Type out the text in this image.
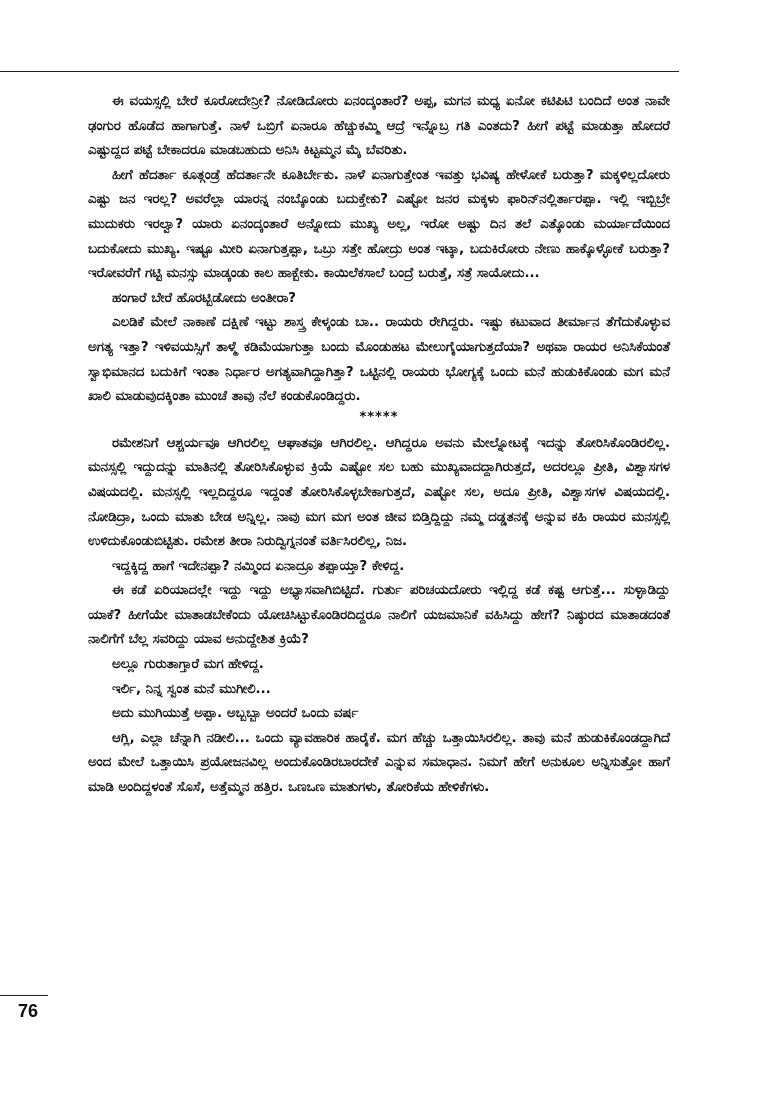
ಈ ವಯಸ್ಸಲ್ಲಿ ಬೇರೆ ಕೂರೋದೇನ್ರೀ? ನೋಡಿದೋರು ಏನಂದ್ಕಂತಾರೆ? ಅಪ್ಪ, ಮಗನ ಮಧ್ಯ ಏನೋ ಕಟಿಪಿಟಿ ಬಂದಿದೆ ಅಂತ ನಾವೇ ಢಂಗುರ ಹೊಡೆದ ಹಾಗಾಗುತ್ತೆ. ನಾಳೆ ಒಬ್ರಿಗೆ ಏನಾರೂ ಹೆಚ್ಚುಕಮ್ಮಿ ಆದ್ರೆ ಇನ್ನೊಬ್ರ ಗತಿ ಎಂತದು? ಹೀಗೆ ಪಟ್ಟೆ ಮಾಡುತ್ತಾ ಹೋದರೆ ಎಷ್ಟುದ್ದದ ಪಟ್ಟೆ ಬೇಕಾದರೂ ಮಾಡಬಹುದು ಅನಿಸಿ ಕಿಟ್ಟಮ್ಮನ ಮೈ ಬೆವರಿತು.

ಹೀಗೆ ಹೆದರ್ತಾ ಕೂತ್ಗಂಡ್ರೆ ಹೆದರ್ತಾನೇ ಕೂತಿರ್ಬೇಕು. ನಾಳೆ ಏನಾಗುತ್ತೇಂತ ಇವತ್ತು ಭವಿಷ್ಯ ಹೇಳೋಕೆ ಬರುತ್ತಾ? ಮಕ್ಕಳಿಲ್ಲದೋರು ಎಷ್ಟು ಜನ ಇರಲ್ಲ? ಅವರೆಲ್ಲಾ ಯಾರನ್ನ ನಂಬ್ಕೊಂಡು ಬದುಕ್ತೇಕು? ಎಷ್ಟೋ ಜನರ ಮಕ್ಕಳು ಫಾರಿನ್‌ನಲ್ಲಿರ್ತಾರಪ್ಪಾ. ಇಲ್ಲಿ ಇಬ್ಬಿಬ್ರೇ ಮುದುಕರು ಇರಲ್ವಾ? ಯಾರು ಏನಂದ್ಕಂತಾರೆ ಅನ್ನೋದು ಮುಖ್ಯ ಅಲ್ಲ, ಇರೋ ಅಷ್ಟು ದಿನ ತಲೆ ಎತ್ಕೊಂಡು ಮರ್ಯಾದೆಯಿಂದ ಬದುಕೋದು ಮುಖ್ಯ. ಇಷ್ಟೂ ಮೀರಿ ಏನಾಗುತ್ತಪ್ಪಾ, ಒಬ್ರು ಸತ್ತೇ ಹೋದ್ರು ಅಂತ ಇಟ್ಕಾ, ಬದುಕಿರೋರು ನೇಣು ಹಾಕ್ಕೊಳ್ಳೋಕೆ ಬರುತ್ತಾ? ಇರೋವರೆಗೆ ಗಟ್ಟಿ ಮನಸ್ಸು ಮಾಡ್ಕಂಡು ಕಾಲ ಹಾಕ್ಬೇಕು. ಕಾಯಿಲೆಕಸಾಲೆ ಬಂದ್ರೆ ಬರುತ್ತೆ, ಸತ್ರೆ ಸಾಯೋದು...

ಹಂಗಾರೆ ಬೇರೆ ಹೊರಟ್ಬಿಡೋದು ಅಂತೀರಾ?

ಎಲಡಿಕೆ ಮೇಲೆ ನಾಕಾಣೆ ದಕ್ಷಿಣೆ ಇಟ್ಟು ಶಾಸ್ತ್ರ ಕೇಳ್ಕಂಡು ಬಾ.. ರಾಯರು ರೇಗಿದ್ದರು. ಇಷ್ಟು ಕಟುವಾದ ತೀರ್ಮಾನ ತೆಗೆದುಕೊಳ್ಳುವ ಅಗತ್ಯ ಇತ್ತಾ? ಇಳಿವಯಸ್ಸಿಗೆ ತಾಳ್ಮೆ ಕಡಿಮೆಯಾಗುತ್ತಾ ಬಂದು ಮೊಂಡುಹಟ ಮೇಲುಗೈಯಾಗುತ್ತದೆಯಾ? ಅಥವಾ ರಾಯರ ಅನಿಸಿಕೆಯಂತೆ ಸ್ವಾಭಿಮಾನದ ಬದುಕಿಗೆ ಇಂತಾ ನಿರ್ಧಾರ ಅಗತ್ಯವಾಗಿದ್ದಾಗಿತ್ತಾ? ಒಟ್ಟಿನಲ್ಲಿ ರಾಯರು ಭೋಗ್ಯಕ್ಕೆ ಒಂದು ಮನೆ ಹುಡುಕಿಕೊಂಡು ಮಗ ಮನೆ ಖಾಲಿ ಮಾಡುವುದಕ್ಕಿಂತಾ ಮುಂಚೆ ತಾವು ನೆಲೆ ಕಂಡುಕೊಂಡಿದ್ದರು.

*****

ರಮೇಶನಿಗೆ ಆಶ್ಚರ್ಯವೂ ಆಗಿರಲಿಲ್ಲ ಆಘಾತವೂ ಆಗಿರಲಿಲ್ಲ. ಆಗಿದ್ದರೂ ಅವನು ಮೇಲ್ನೋಟಕ್ಕೆ ಇದನ್ನು ತೋರಿಸಿಕೊಂಡಿರಲಿಲ್ಲ. ಮನಸ್ಸಲ್ಲಿ ಇದ್ದುದನ್ನು ಮಾತಿನಲ್ಲಿ ತೋರಿಸಿಕೊಳ್ಳುವ ಕ್ರಿಯೆ ಎಷ್ಟೋ ಸಲ ಬಹು ಮುಖ್ಯವಾದದ್ದಾಗಿರುತ್ತದೆ, ಅದರಲ್ಲೂ ಪ್ರೀತಿ, ವಿಶ್ವಾಸಗಳ ವಿಷಯದಲ್ಲಿ. ಮನಸ್ಸಲ್ಲಿ ಇಲ್ಲದಿದ್ದರೂ ಇದ್ದಂತೆ ತೋರಿಸಿಕೊಳ್ಳಬೇಕಾಗುತ್ತದೆ, ಎಷ್ಟೋ ಸಲ, ಅದೂ ಪ್ರೀತಿ, ವಿಶ್ವಾಸಗಳ ವಿಷಯದಲ್ಲಿ. ನೋಡಿದ್ರಾ, ಒಂದು ಮಾತು ಬೇಡ ಅನ್ನಿಲ್ಲ. ನಾವು ಮಗ ಮಗ ಅಂತ ಜೀವ ಬಿಡ್ತಿದ್ದಿದ್ದು ನಮ್ಮ ದಡ್ಡತನಕ್ಕೆ ಅನ್ನುವ ಕಹಿ ರಾಯರ ಮನಸ್ಸಲ್ಲಿ ಉಳಿದುಕೊಂಡುಬಿಟ್ಟಿತು. ರಮೇಶ ತೀರಾ ನಿರುದ್ವಿಗ್ನನಂತೆ ವರ್ತಿಸಿರಲಿಲ್ಲ, ನಿಜ.

ಇದ್ದಕ್ಕಿದ್ದ ಹಾಗೆ ಇದೇನಪ್ಪಾ? ನಮ್ಮಿಂದ ಏನಾದ್ರೂ ತಪ್ಪಾಯ್ತಾ? ಕೇಳಿದ್ದ.

ಈ ಕಡೆ ಏರಿಯಾದಲ್ಲೇ ಇದ್ದು ಇದ್ದು ಅಭ್ಯಾಸವಾಗಿಬಿಟ್ಟಿದೆ. ಗುರ್ತು ಪರಿಚಯದೋರು ಇಲ್ಲಿದ್ದ ಕಡೆ ಕಷ್ಟ ಆಗುತ್ತೆ... ಸುಳ್ಳಾಡಿದ್ದು ಯಾಕೆ? ಹೀಗೆಯೇ ಮಾತಾಡಬೇಕೆಂದು ಯೋಚಿಸಿಟ್ಟುಕೊಂಡಿರದಿದ್ದರೂ ನಾಲಿಗೆ ಯಜಮಾನಿಕೆ ವಹಿಸಿದ್ದು ಹೇಗೆ? ನಿಷ್ಠುರದ ಮಾತಾಡದಂತೆ ನಾಲಿಗೆಗೆ ಬೆಲ್ಲ ಸವರಿದ್ದು ಯಾವ ಅನುದ್ದೇಶಿತ ಕ್ರಿಯೆ?

ಅಲ್ಲೂ ಗುರುತಾಗ್ತಾರೆ ಮಗ ಹೇಳಿದ್ದ.

ಇರ್ಲಿ, ನಿನ್ನ ಸ್ವಂತ ಮನೆ ಮುಗೀಲಿ...

ಅದು ಮುಗಿಯುತ್ತೆ ಅಪ್ಪಾ. ಅಬ್ಬಬ್ಬಾ ಅಂದರೆ ಒಂದು ವರ್ಷ

ಆಗ್ಲಿ, ಎಲ್ಲಾ ಚೆನ್ನಾಗಿ ನಡೀಲಿ... ಒಂದು ವ್ಯಾವಹಾರಿಕ ಹಾರೈಕೆ. ಮಗ ಹೆಚ್ಚು ಒತ್ತಾಯಿಸಿರಲಿಲ್ಲ. ತಾವು ಮನೆ ಹುಡುಕಿಕೊಂಡದ್ದಾಗಿದೆ ಅಂದ ಮೇಲೆ ಒತ್ತಾಯಿಸಿ ಪ್ರಯೋಜನವಿಲ್ಲ ಅಂದುಕೊಂಡಿರಬಾರದೇಕೆ ಎನ್ನುವ ಸಮಾಧಾನ. ನಿಮಗೆ ಹೇಗೆ ಅನುಕೂಲ ಅನ್ನಿಸುತ್ತೋ ಹಾಗೆ ಮಾಡಿ ಅಂದಿದ್ದಳಂತೆ ಸೊಸೆ, ಅತ್ತೆಮ್ಮನ ಹತ್ತಿರ. ಒಣಒಣ ಮಾತುಗಳು, ತೋರಿಕೆಯ ಹೇಳಿಕೆಗಳು.

76
